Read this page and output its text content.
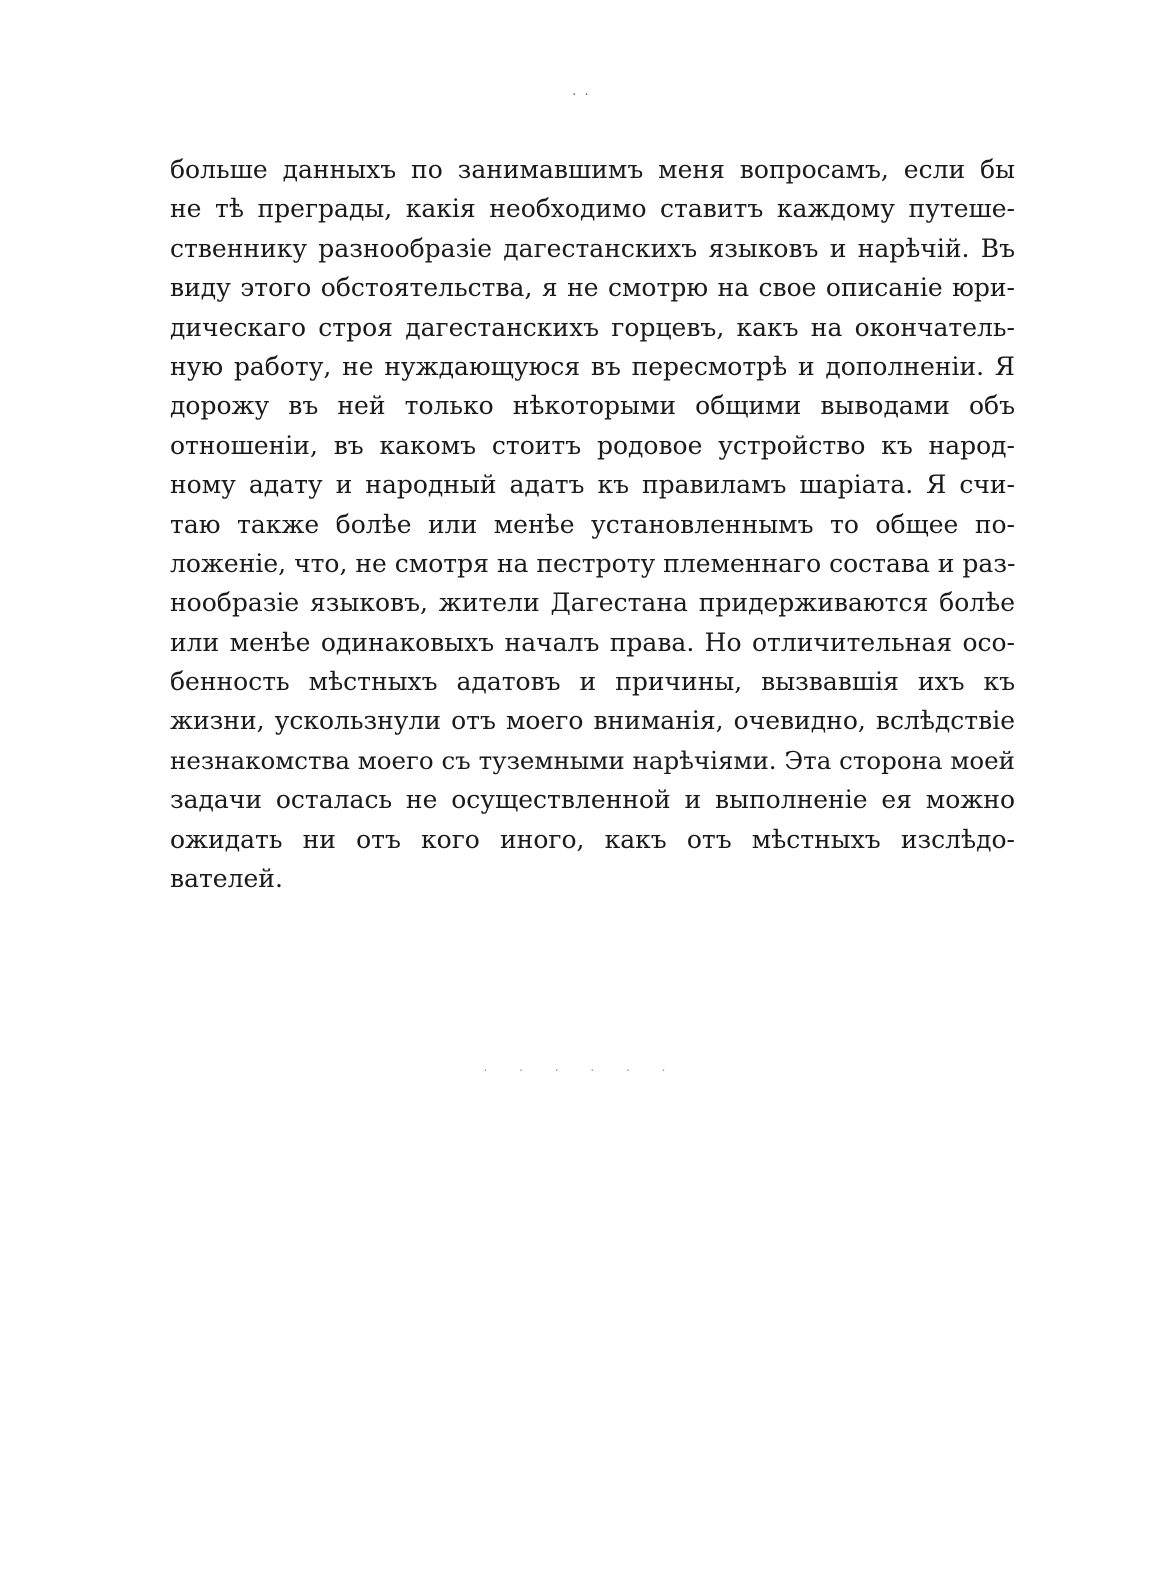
. .
больше данныхъ по занимавшимъ меня вопросамъ, если бы
не тѣ преграды, какія необходимо ставитъ каждому путеше-
ственнику разнообразіе дагестанскихъ языковъ и нарѣчій. Въ
виду этого обстоятельства, я не смотрю на свое описаніе юри-
дическаго строя дагестанскихъ горцевъ, какъ на окончатель-
ную работу, не нуждающуюся въ пересмотрѣ и дополненіи. Я
дорожу въ ней только нѣкоторыми общими выводами объ
отношеніи, въ какомъ стоитъ родовое устройство къ народ-
ному адату и народный адатъ къ правиламъ шаріата. Я счи-
таю также болѣе или менѣе установленнымъ то общее по-
ложеніе, что, не смотря на пестроту племеннаго состава и раз-
нообразіе языковъ, жители Дагестана придерживаются болѣе
или менѣе одинаковыхъ началъ права. Но отличительная осо-
бенность мѣстныхъ адатовъ и причины, вызвавшія ихъ къ
жизни, ускользнули отъ моего вниманія, очевидно, вслѣдствіе
незнакомства моего съ туземными нарѣчіями. Эта сторона моей
задачи осталась не осуществленной и выполненіе ея можно
ожидать ни отъ кого иного, какъ отъ мѣстныхъ изслѣдо-
вателей.
. . . . . .
